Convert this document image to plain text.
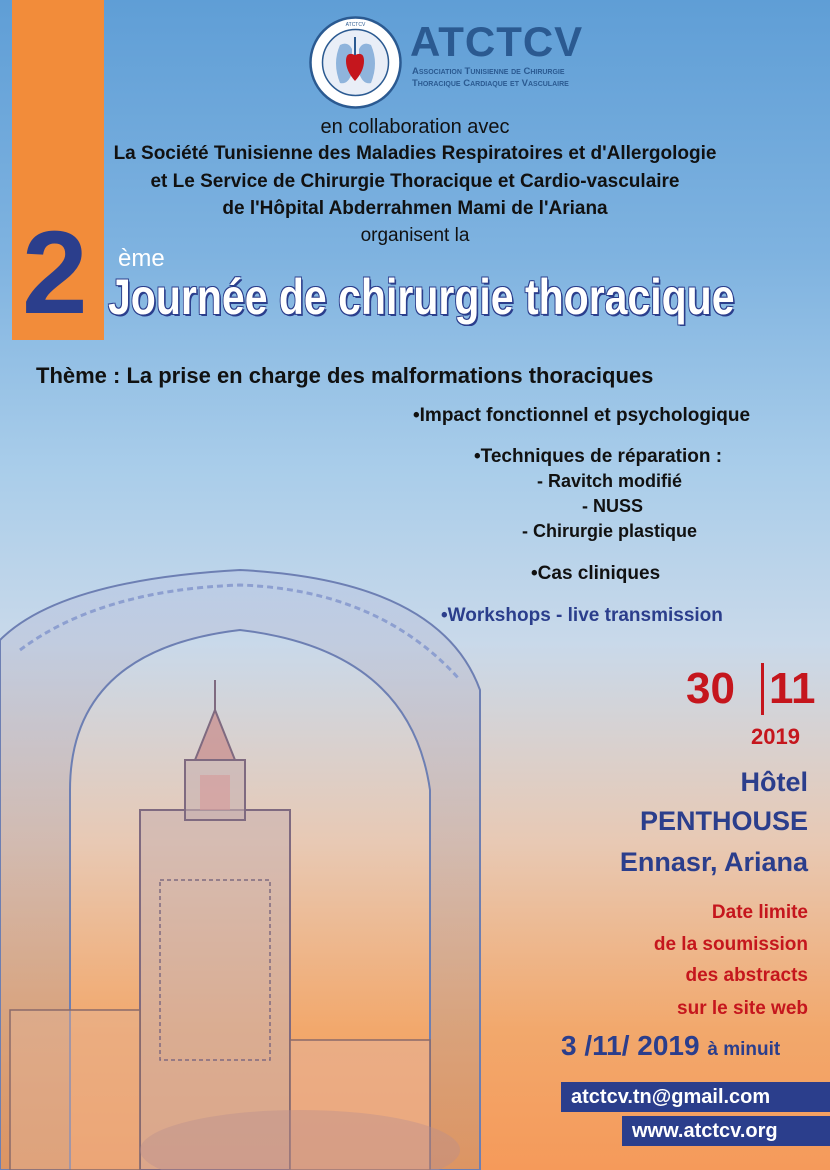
ATCTCV ATCTCV
Association Tunisienne de Chirurgie
Thoracique Cardiaque et Vasculaire
en collaboration avec
La Société Tunisienne des Maladies Respiratoires et d'Allergologie
et Le Service de Chirurgie Thoracique et Cardio-vasculaire
de l'Hôpital Abderrahmen Mami de l'Ariana
organisent la
2 ème
Journée de chirurgie thoracique
Thème : La prise en charge des malformations thoraciques
•Impact fonctionnel et psychologique
•Techniques de réparation :
- Ravitch modifié
- NUSS
- Chirurgie plastique
•Cas cliniques
•Workshops - live transmission
30 11
2019
Hôtel
PENTHOUSE
Ennasr, Ariana
Date limite
de la soumission
des abstracts
sur le site web
3 /11/ 2019 à minuit
atctcv.tn@gmail.com
www.atctcv.org
